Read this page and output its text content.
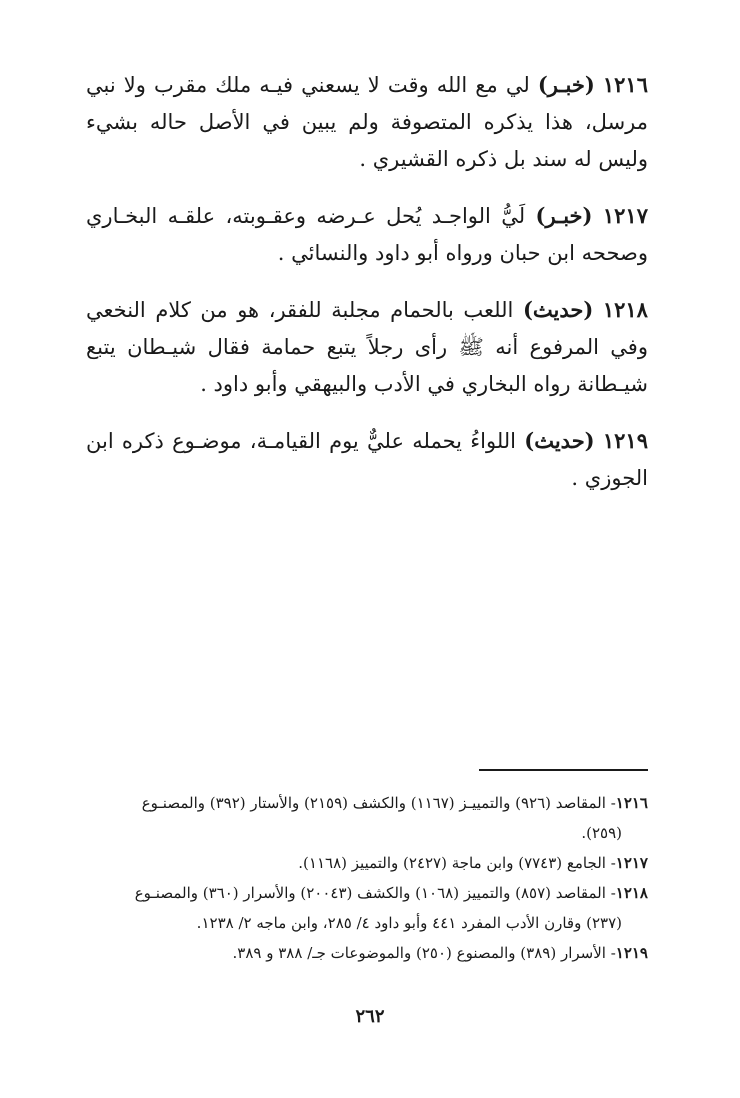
١٢١٦ (خبـر) لي مع الله وقت لا يسعني فيـه ملك مقرب ولا نبي مرسل، هذا يذكره المتصوفة ولم يبين في الأصل حاله بشيء وليس له سند بل ذكره القشيري .

١٢١٧ (خبـر) لَيُّ الواجـد يُحل عـرضه وعقـوبته، علقـه البخـاري وصححه ابن حبان ورواه أبو داود والنسائي .

١٢١٨ (حديث) اللعب بالحمام مجلبة للفقر، هو من كلام النخعي وفي المرفوع أنه ﷺ رأى رجلاً يتبع حمامة فقال شيـطان يتبع شيـطانة رواه البخاري في الأدب والبيهقي وأبو داود .

١٢١٩ (حديث) اللواءُ يحمله عليٌّ يوم القيامـة، موضـوع ذكره ابن الجوزي .

١٢١٦- المقاصد (٩٢٦) والتمييـز (١١٦٧) والكشف (٢١٥٩) والأستار (٣٩٢) والمصنـوع

(٢٥٩).

١٢١٧- الجامع (٧٧٤٣) وابن ماجة (٢٤٢٧) والتمييز (١١٦٨).

١٢١٨- المقاصد (٨٥٧) والتمييز (١٠٦٨) والكشف (٢٠٠٤٣) والأسرار (٣٦٠) والمصنـوع

(٢٣٧) وقارن الأدب المفرد ٤٤١ وأبو داود ٤/ ٢٨٥، وابن ماجه ٢/ ١٢٣٨.

١٢١٩- الأسرار (٣٨٩) والمصنوع (٢٥٠) والموضوعات جـ/ ٣٨٨ و ٣٨٩.

٢٦٢
